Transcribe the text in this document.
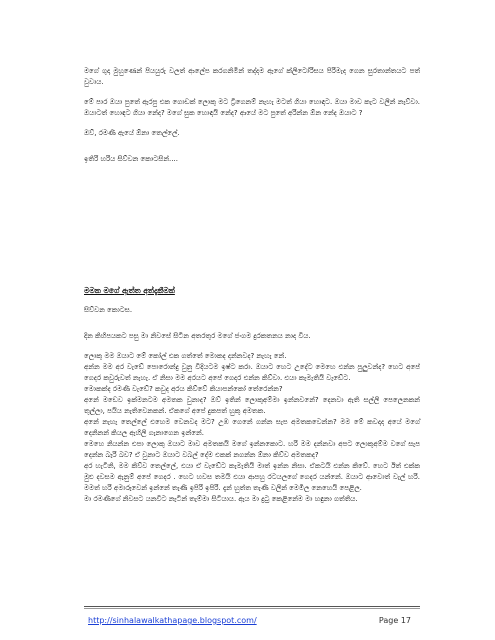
මගේ ගුදා මුහුණෙන් පියයුරු වලත් ආලේප කරගනිමින් තද්දම ඇගේ ක්ලිටෝරිසය පිරිමැද ගෙන සුරතාන්තයට පත් වුවාය.

මේ පාර ඔයා පුතේ ඇරපු එක ගොඩක් ලොකු මට ට්‍රිගෙනම් නැහැ මටත් ගියා හොඳට. ඔයා මාව කැට වලින් නැව්වා. ඔයාටත් හොඳට ගියා නේද? මගේ සුක හොඳයි නේද? ආයේ මට පුතේ අරින්න ඕන නේද ඔයාට ?

ඔව්, රමණී ඇයේ ඕනා තෙල්ලේ.

ඉතිරි හරිය සිව්වන කොටසින්....

මමක මගේ ඇත්ත අත්දැකීමක්

සිව්වන කොටස.

දින කිහිපයකට පසු මා නිවසේ සිටින අතරතුර මගේ ජංගම දුරකතනය නාද විය.

ලොකු මම ඔයාට මේ කෝල් එක ගත්තේ මොකද දන්නවද? නැහැ නේ.

අන්න මම අර වැඩේ පොරොන්දු වුනු විදියටම ඉෂ්ට කරා. ඔයාට හෙට උදේට මෙහෙ එන්න පුලුවන්ද? හෙට අපේ ගෙදර කවුරුවත් නැහැ. ඒ නිසා මම අරයට අපේ ගෙදර එන්න කිව්වා. එයා කැමැතියි වැඩේට.

මොකක්ද රමණී වැඩේ? කවුද අරය කිව්වේ කියාපන්කෝ තේරෙන්න?

අනේ මඩෙව ඉක්මනටම අමතක වුනාද? ඔව් ඉතින් ලොකුඅම්මා ඉන්නවනේ? දෙනවා ඇති සල්ලි පෙලෙනකන් තුල්ලා, පයිය නැතිවෙනකන්. ඒකගේ අපේ දුකපත් හුකු අමතක.

අනේ නැහැ තෙල්ලේ එහෙම වෙනවද මට? උඹ ගෙනේ ගන්න සැප අමතකවෙන්න? මම මේ කවදාද අයේ මගේ දෙනිනන් කියල ඇහිලි ගැනාගෙන ඉන්නේ.

මෙහෙ නියන්න එපා ලොකු ඔයාට මාව අමතකයි මගේ ඉන්නකොට. හරි මම දන්නවා අපට ලොකුඅම්ම වගේ සැප දෙන්න බැරි බව? ඒ වුනාට ඔයාට වබල් දේම එකක් නගන්න ඕනා කිව්ව අමතකද?

අර හැටිනි, මම කිව්ව තෙල්ලේ, එයා ඒ වැඩේට කැමැතියි මාත් ඉන්න නිසා. ඒකටයි එන්න කිවේ. හෙට ඊත් එක්ක මුළු දවසම ඇනුම් අපේ ගෙදර . හෙට හවස තමයි එයා ආපහු රටයලගේ ගෙදර යන්නේ. ඔයාට ආවොත් වැල් හරි. මමත් හරි අමාරුවෙන් ඉන්නේ තැණි ඉපිරි ඉපිරි. දැන් හුත්ත තැණි වලින් මෙමිල නෙහෙයි පෙළිල.

මා රමණීගේ නිවසට යනවිට නැටින් තැම්මා සිටියාය. ඇය මා දුටු කෙළිනේම මා හඳුනා ගත්තිය.

http://sinhalawalkathapage.blogspot.com/	Page 17
